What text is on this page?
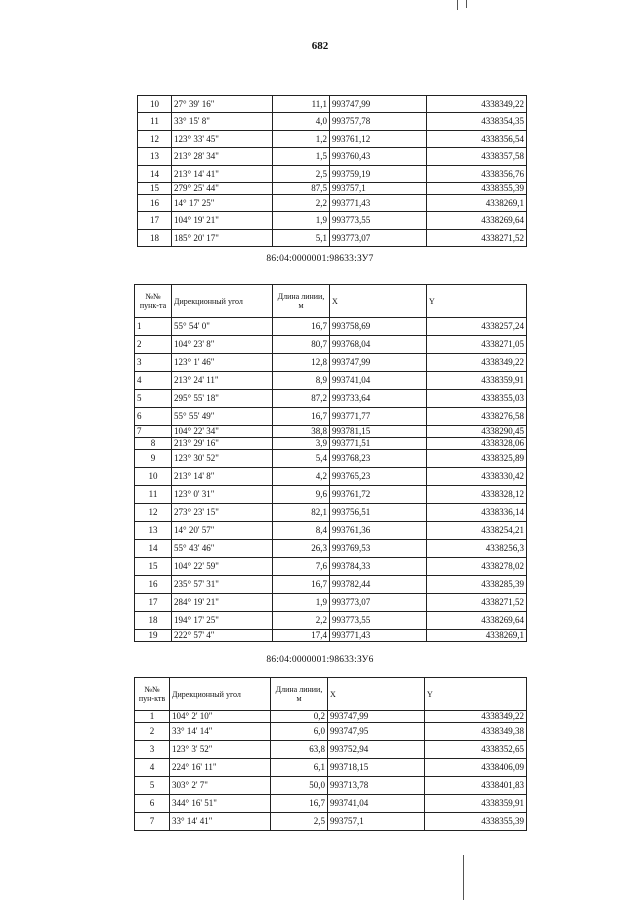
682
10	27° 39' 16"	11,1	993747,99	4338349,22
11	33° 15' 8"	4,0	993757,78	4338354,35
12	123° 33' 45"	1,2	993761,12	4338356,54
13	213° 28' 34"	1,5	993760,43	4338357,58
14	213° 14' 41"	2,5	993759,19	4338356,76
15	279° 25' 44"	87,5	993757,1	4338355,39
16	14° 17' 25"	2,2	993771,43	4338269,1
17	104° 19' 21"	1,9	993773,55	4338269,64
18	185° 20' 17"	5,1	993773,07	4338271,52
86:04:0000001:98633:ЗУ7
№№ пунк-та	Дирекционный угол	Длина линии, м	X	Y
1	55° 54' 0"	16,7	993758,69	4338257,24
2	104° 23' 8"	80,7	993768,04	4338271,05
3	123° 1' 46"	12,8	993747,99	4338349,22
4	213° 24' 11"	8,9	993741,04	4338359,91
5	295° 55' 18"	87,2	993733,64	4338355,03
6	55° 55' 49"	16,7	993771,77	4338276,58
7	104° 22' 34"	38,8	993781,15	4338290,45
8	213° 29' 16"	3,9	993771,51	4338328,06
9	123° 30' 52"	5,4	993768,23	4338325,89
10	213° 14' 8"	4,2	993765,23	4338330,42
11	123° 0' 31"	9,6	993761,72	4338328,12
12	273° 23' 15"	82,1	993756,51	4338336,14
13	14° 20' 57"	8,4	993761,36	4338254,21
14	55° 43' 46"	26,3	993769,53	4338256,3
15	104° 22' 59"	7,6	993784,33	4338278,02
16	235° 57' 31"	16,7	993782,44	4338285,39
17	284° 19' 21"	1,9	993773,07	4338271,52
18	194° 17' 25"	2,2	993773,55	4338269,64
19	222° 57' 4"	17,4	993771,43	4338269,1
86:04:0000001:98633:ЗУ6
№№ пун-ктв	Дирекционный угол	Длина линии, м	X	Y
1	104° 2' 10"	0,2	993747,99	4338349,22
2	33° 14' 14"	6,0	993747,95	4338349,38
3	123° 3' 52"	63,8	993752,94	4338352,65
4	224° 16' 11"	6,1	993718,15	4338406,09
5	303° 2' 7"	50,0	993713,78	4338401,83
6	344° 16' 51"	16,7	993741,04	4338359,91
7	33° 14' 41"	2,5	993757,1	4338355,39
